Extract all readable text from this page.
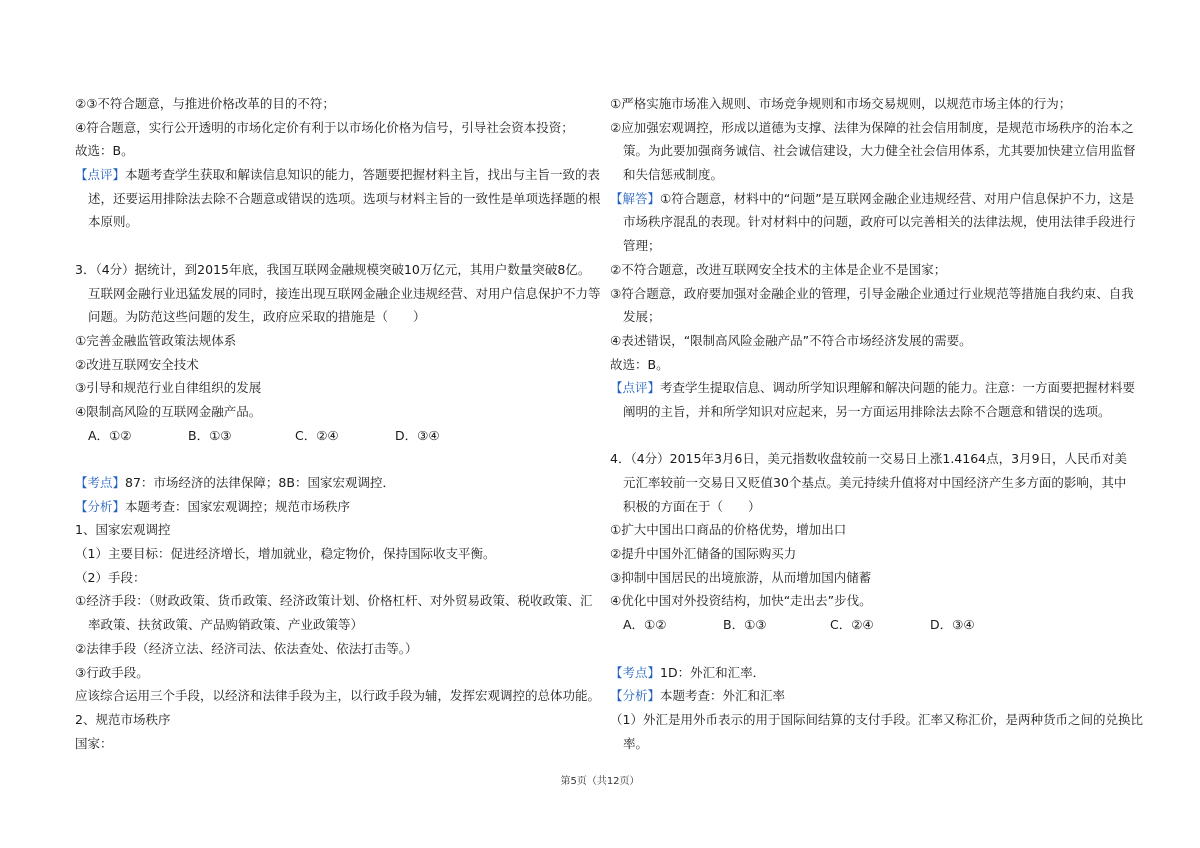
②③不符合题意，与推进价格改革的目的不符；
④符合题意，实行公开透明的市场化定价有利于以市场化价格为信号，引导社会资本投资；
故选：B。
【点评】本题考查学生获取和解读信息知识的能力，答题要把握材料主旨，找出与主旨一致的表
述，还要运用排除法去除不合题意或错误的选项。选项与材料主旨的一致性是单项选择题的根
本原则。
3．（4分）据统计，到2015年底，我国互联网金融规模突破10万亿元，其用户数量突破8亿。
互联网金融行业迅猛发展的同时，接连出现互联网金融企业违规经营、对用户信息保护不力等
问题。为防范这些问题的发生，政府应采取的措施是（　　）
①完善金融监管政策法规体系
②改进互联网安全技术
③引导和规范行业自律组织的发展
④限制高风险的互联网金融产品。
A．①②	B．①③	C．②④	D．③④
【考点】87：市场经济的法律保障；8B：国家宏观调控．
【分析】本题考查：国家宏观调控；规范市场秩序
1、国家宏观调控
（1）主要目标：促进经济增长，增加就业，稳定物价，保持国际收支平衡。
（2）手段：
①经济手段：（财政政策、货币政策、经济政策计划、价格杠杆、对外贸易政策、税收政策、汇
率政策、扶贫政策、产品购销政策、产业政策等）
②法律手段（经济立法、经济司法、依法查处、依法打击等。）
③行政手段。
应该综合运用三个手段，以经济和法律手段为主，以行政手段为辅，发挥宏观调控的总体功能。
2、规范市场秩序
国家：
①严格实施市场准入规则、市场竞争规则和市场交易规则，以规范市场主体的行为；
②应加强宏观调控，形成以道德为支撑、法律为保障的社会信用制度，是规范市场秩序的治本之
策。为此要加强商务诚信、社会诚信建设，大力健全社会信用体系，尤其要加快建立信用监督
和失信惩戒制度。
【解答】①符合题意，材料中的“问题”是互联网金融企业违规经营、对用户信息保护不力，这是
市场秩序混乱的表现。针对材料中的问题，政府可以完善相关的法律法规，使用法律手段进行
管理；
②不符合题意，改进互联网安全技术的主体是企业不是国家；
③符合题意，政府要加强对金融企业的管理，引导金融企业通过行业规范等措施自我约束、自我
发展；
④表述错误，“限制高风险金融产品”不符合市场经济发展的需要。
故选：B。
【点评】考查学生提取信息、调动所学知识理解和解决问题的能力。注意：一方面要把握材料要
阐明的主旨，并和所学知识对应起来，另一方面运用排除法去除不合题意和错误的选项。
4．（4分）2015年3月6日，美元指数收盘较前一交易日上涨1.4164点，3月9日，人民币对美
元汇率较前一交易日又贬值30个基点。美元持续升值将对中国经济产生多方面的影响，其中
积极的方面在于（　　）
①扩大中国出口商品的价格优势，增加出口
②提升中国外汇储备的国际购买力
③抑制中国居民的出境旅游，从而增加国内储蓄
④优化中国对外投资结构，加快“走出去”步伐。
A．①②	B．①③	C．②④	D．③④
【考点】1D：外汇和汇率．
【分析】本题考查：外汇和汇率
（1）外汇是用外币表示的用于国际间结算的支付手段。汇率又称汇价，是两种货币之间的兑换比
率。
第5页（共12页）
